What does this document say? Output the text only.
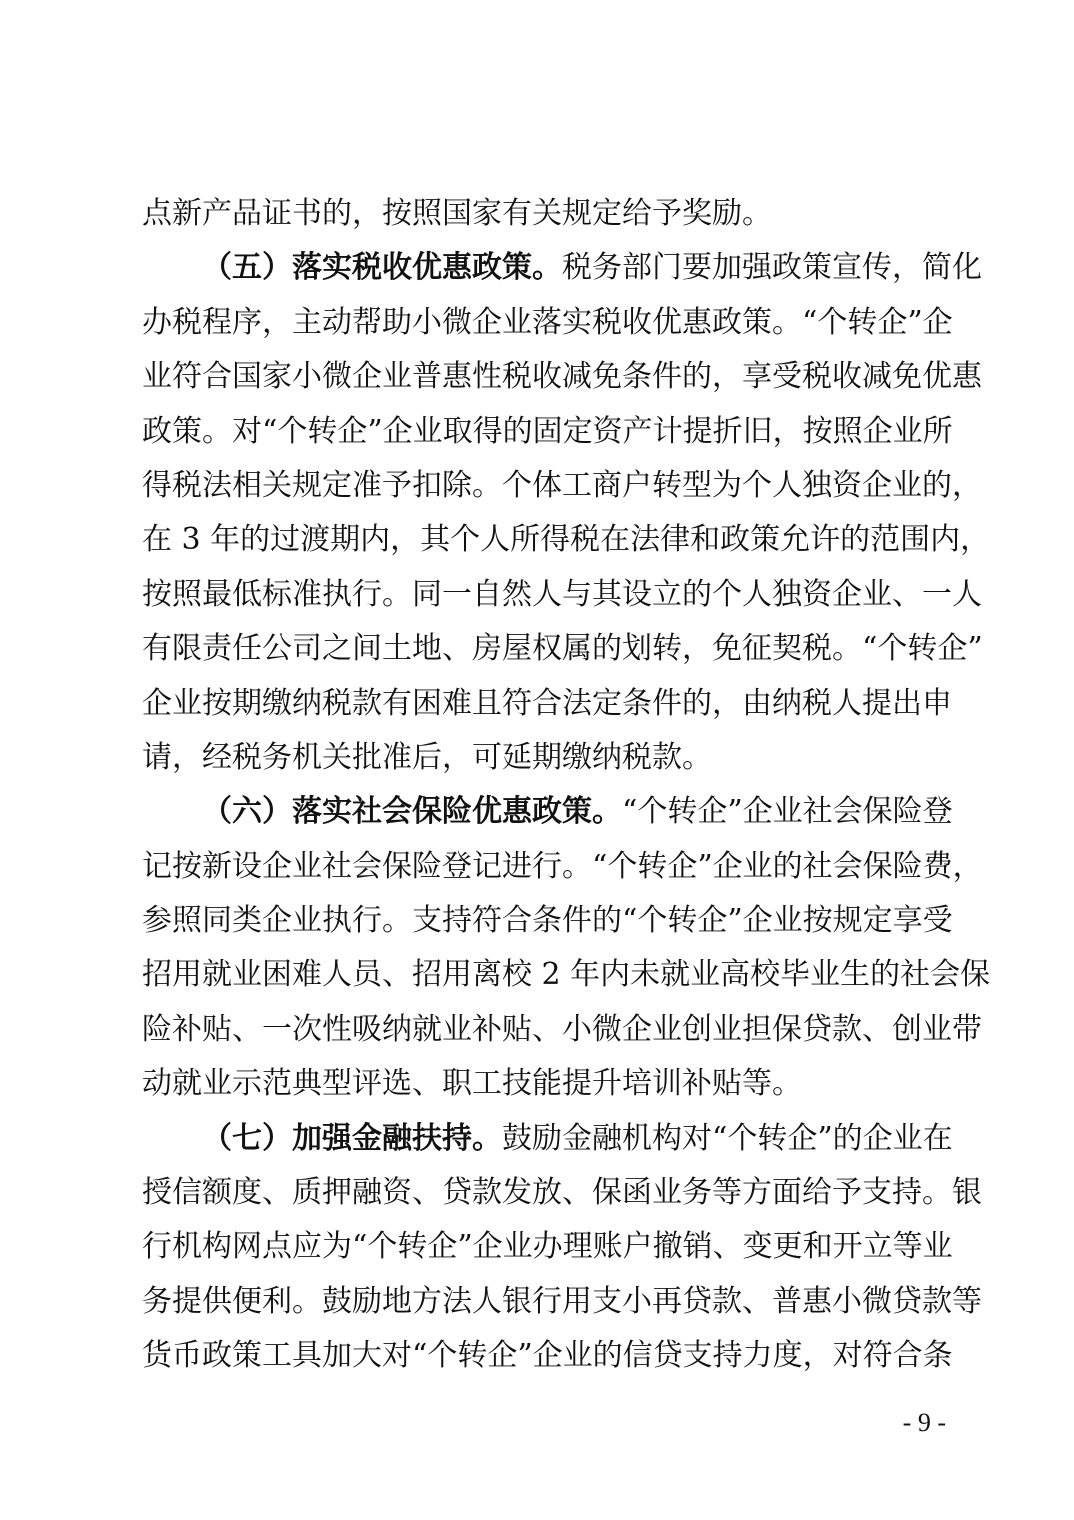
点新产品证书的，按照国家有关规定给予奖励。
（五）落实税收优惠政策。税务部门要加强政策宣传，简化
办税程序，主动帮助小微企业落实税收优惠政策。“个转企”企
业符合国家小微企业普惠性税收减免条件的，享受税收减免优惠
政策。对“个转企”企业取得的固定资产计提折旧，按照企业所
得税法相关规定准予扣除。个体工商户转型为个人独资企业的，
在 3 年的过渡期内，其个人所得税在法律和政策允许的范围内，
按照最低标准执行。同一自然人与其设立的个人独资企业、一人
有限责任公司之间土地、房屋权属的划转，免征契税。“个转企”
企业按期缴纳税款有困难且符合法定条件的，由纳税人提出申
请，经税务机关批准后，可延期缴纳税款。
（六）落实社会保险优惠政策。“个转企”企业社会保险登
记按新设企业社会保险登记进行。“个转企”企业的社会保险费，
参照同类企业执行。支持符合条件的“个转企”企业按规定享受
招用就业困难人员、招用离校 2 年内未就业高校毕业生的社会保
险补贴、一次性吸纳就业补贴、小微企业创业担保贷款、创业带
动就业示范典型评选、职工技能提升培训补贴等。
（七）加强金融扶持。鼓励金融机构对“个转企”的企业在
授信额度、质押融资、贷款发放、保函业务等方面给予支持。银
行机构网点应为“个转企”企业办理账户撤销、变更和开立等业
务提供便利。鼓励地方法人银行用支小再贷款、普惠小微贷款等
货币政策工具加大对“个转企”企业的信贷支持力度，对符合条
- 9 -
